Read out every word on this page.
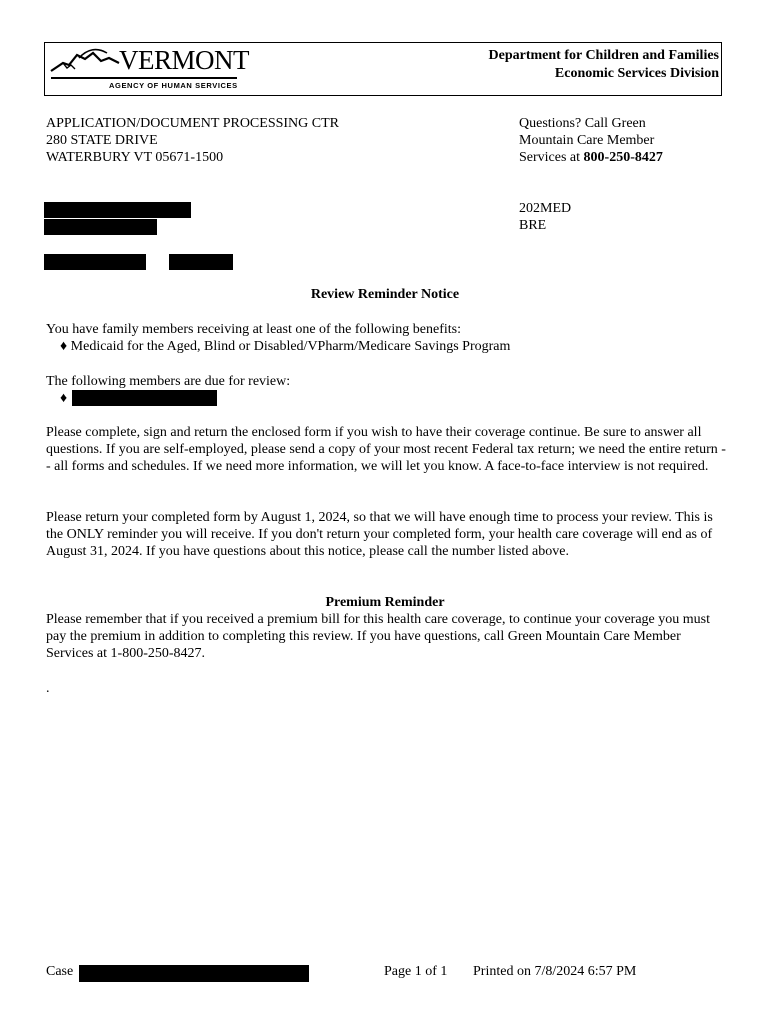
VERMONT
AGENCY OF HUMAN SERVICES
Department for Children and Families
Economic Services Division
APPLICATION/DOCUMENT PROCESSING CTR
280 STATE DRIVE
WATERBURY VT 05671-1500
Questions? Call Green
Mountain Care Member
Services at 800-250-8427
202MED
BRE
Review Reminder Notice
You have family members receiving at least one of the following benefits:
♦ Medicaid for the Aged, Blind or Disabled/VPharm/Medicare Savings Program
The following members are due for review:
♦
Please complete, sign and return the enclosed form if you wish to have their coverage continue. Be sure to answer all questions. If you are self-employed, please send a copy of your most recent Federal tax return; we need the entire return -- all forms and schedules. If we need more information, we will let you know. A face-to-face interview is not required.
Please return your completed form by August 1, 2024, so that we will have enough time to process your review. This is the ONLY reminder you will receive. If you don't return your completed form, your health care coverage will end as of August 31, 2024. If you have questions about this notice, please call the number listed above.
Premium Reminder
Please remember that if you received a premium bill for this health care coverage, to continue your coverage you must pay the premium in addition to completing this review. If you have questions, call Green Mountain Care Member Services at 1-800-250-8427.
.
Case	Page 1 of 1 Printed on 7/8/2024 6:57 PM
